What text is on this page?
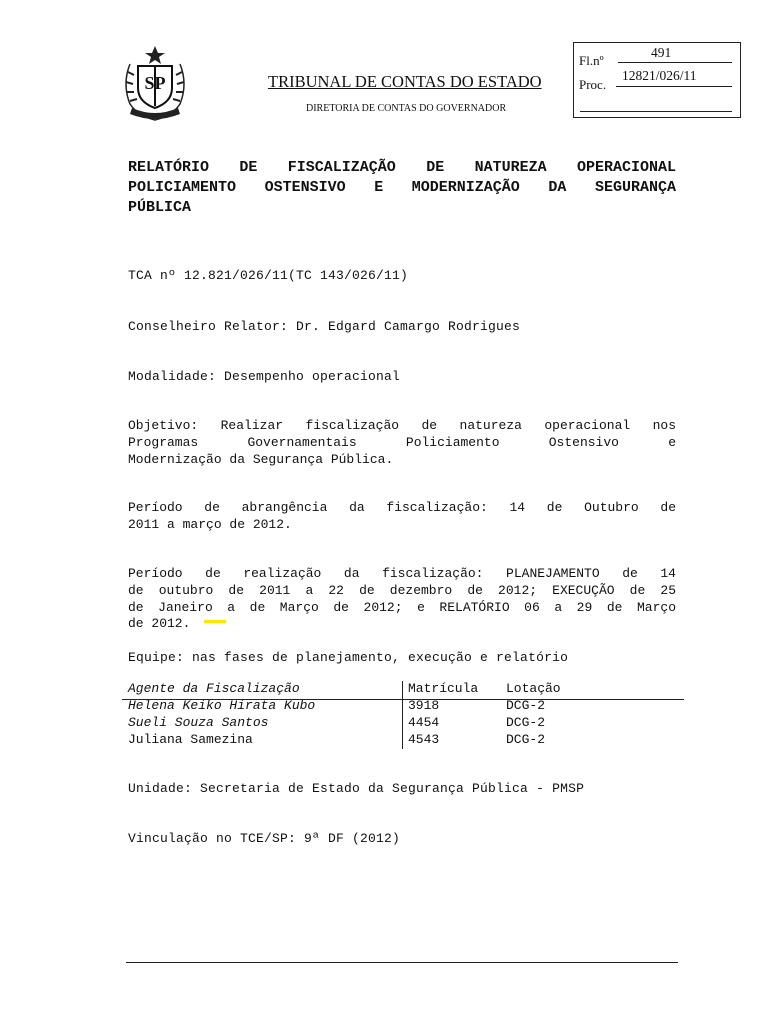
SP	TRIBUNAL DE CONTAS DO ESTADO
DIRETORIA DE CONTAS DO GOVERNADOR
Fl.nº
491
Proc.
12821/026/11
RELATÓRIO DE FISCALIZAÇÃO DE NATUREZA OPERACIONAL
POLICIAMENTO OSTENSIVO E MODERNIZAÇÃO DA SEGURANÇA
PÚBLICA
TCA nº 12.821/026/11(TC 143/026/11)
Conselheiro Relator: Dr. Edgard Camargo Rodrigues
Modalidade: Desempenho operacional
Objetivo: Realizar fiscalização de natureza operacional nos
Programas Governamentais Policiamento Ostensivo e
Modernização da Segurança Pública.
Período de abrangência da fiscalização: 14 de Outubro de
2011 a março de 2012.
Período de realização da fiscalização: PLANEJAMENTO de 14
de outubro de 2011 a 22 de dezembro de 2012; EXECUÇÃO de 25
de Janeiro a de Março de 2012; e RELATÓRIO 06 a 29 de Março
de 2012.
Equipe: nas fases de planejamento, execução e relatório
Agente da Fiscalização	Matrícula Lotação
Helena Keiko Hirata Kubo	3918	DCG-2
Sueli Souza Santos	4454	DCG-2
Juliana Samezina	4543	DCG-2
Unidade: Secretaria de Estado da Segurança Pública - PMSP
Vinculação no TCE/SP: 9ª DF (2012)
